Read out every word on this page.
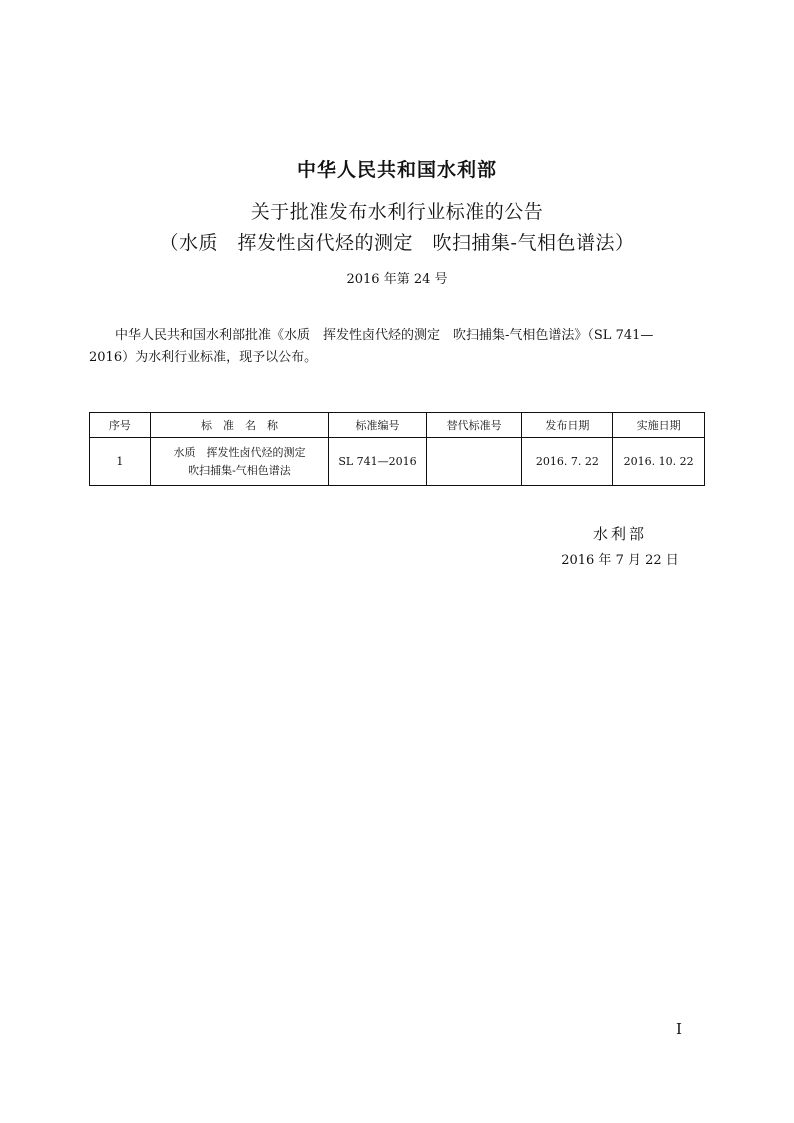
中华人民共和国水利部
关于批准发布水利行业标准的公告
（水质　挥发性卤代烃的测定　吹扫捕集-气相色谱法）
2016 年第 24 号
中华人民共和国水利部批准《水质　挥发性卤代烃的测定　吹扫捕集-气相色谱法》（SL 741—
2016）为水利行业标准，现予以公布。
序号	标　准　名　称	标准编号	替代标准号	发布日期	实施日期
1	水质　挥发性卤代烃的测定
吹扫捕集-气相色谱法	SL 741—2016		2016. 7. 22	2016. 10. 22
水利部
2016 年 7 月 22 日
I
